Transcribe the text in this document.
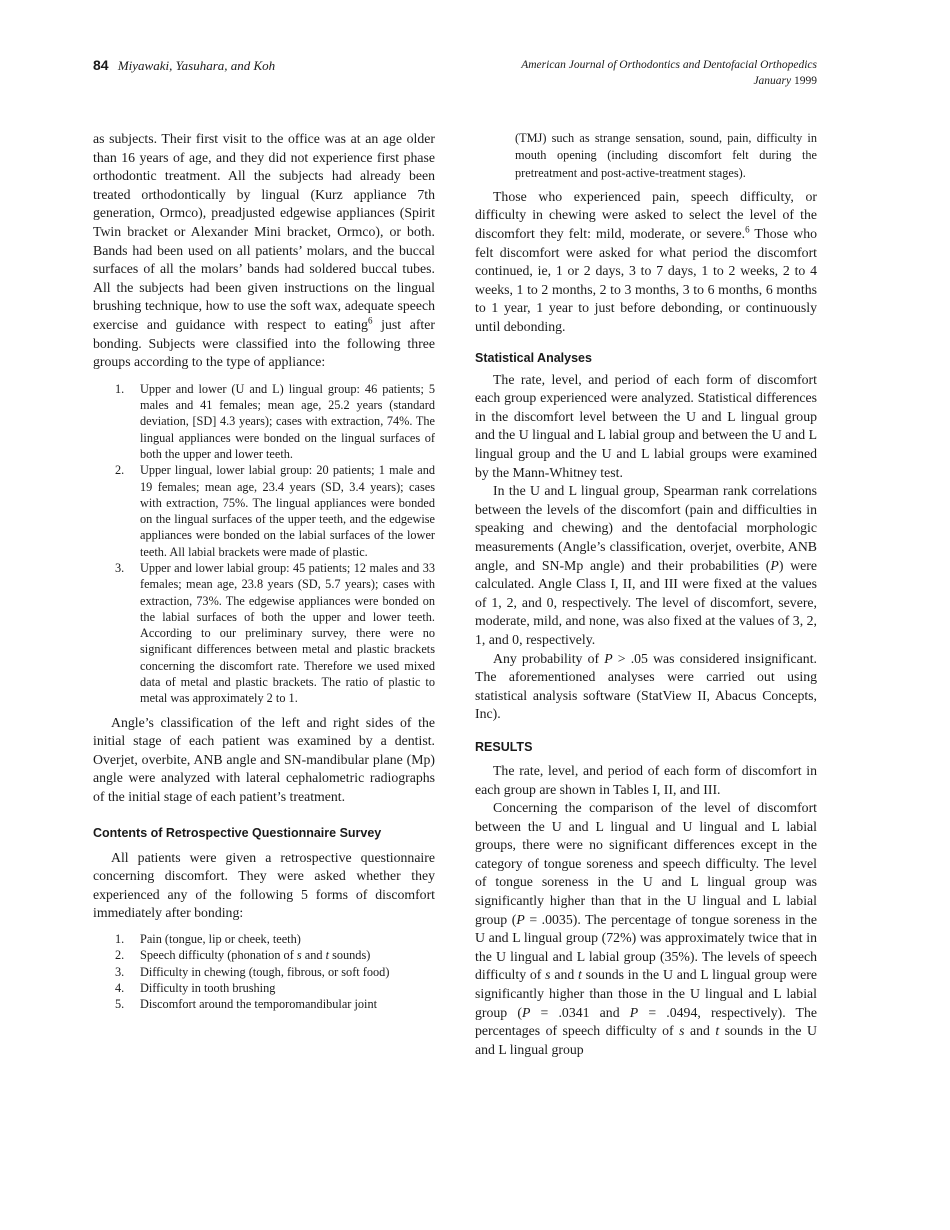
84 Miyawaki, Yasuhara, and Koh	American Journal of Orthodontics and Dentofacial Orthopedics
January 1999

as subjects. Their first visit to the office was at an age older than 16 years of age, and they did not experience first phase orthodontic treatment. All the subjects had already been treated orthodontically by lingual (Kurz appliance 7th generation, Ormco), preadjusted edgewise appliances (Spirit Twin bracket or Alexander Mini bracket, Ormco), or both. Bands had been used on all patients’ molars, and the buccal surfaces of all the molars’ bands had soldered buccal tubes. All the subjects had been given instructions on the lingual brushing technique, how to use the soft wax, adequate speech exercise and guidance with respect to eating$^6$ just after bonding. Subjects were classified into the following three groups according to the type of appliance:

1. Upper and lower (U and L) lingual group: 46 patients; 5 males and 41 females; mean age, 25.2 years (standard deviation, [SD] 4.3 years); cases with extraction, 74%. The lingual appliances were bonded on the lingual surfaces of both the upper and lower teeth.
2. Upper lingual, lower labial group: 20 patients; 1 male and 19 females; mean age, 23.4 years (SD, 3.4 years); cases with extraction, 75%. The lingual appliances were bonded on the lingual surfaces of the upper teeth, and the edgewise appliances were bonded on the labial surfaces of the lower teeth. All labial brackets were made of plastic.
3. Upper and lower labial group: 45 patients; 12 males and 33 females; mean age, 23.8 years (SD, 5.7 years); cases with extraction, 73%. The edgewise appliances were bonded on the labial surfaces of both the upper and lower teeth. According to our preliminary survey, there were no significant differences between metal and plastic brackets concerning the discomfort rate. Therefore we used mixed data of metal and plastic brackets. The ratio of plastic to metal was approximately 2 to 1.

Angle’s classification of the left and right sides of the initial stage of each patient was examined by a dentist. Overjet, overbite, ANB angle and SN-mandibular plane (Mp) angle were analyzed with lateral cephalometric radiographs of the initial stage of each patient’s treatment.

Contents of Retrospective Questionnaire Survey

All patients were given a retrospective questionnaire concerning discomfort. They were asked whether they experienced any of the following 5 forms of discomfort immediately after bonding:

1. Pain (tongue, lip or cheek, teeth)
2. Speech difficulty (phonation of s and t sounds)
3. Difficulty in chewing (tough, fibrous, or soft food)
4. Difficulty in tooth brushing
5. Discomfort around the temporomandibular joint

(TMJ) such as strange sensation, sound, pain, difficulty in mouth opening (including discomfort felt during the pretreatment and post-active-treatment stages).

Those who experienced pain, speech difficulty, or difficulty in chewing were asked to select the level of the discomfort they felt: mild, moderate, or severe.$^6$ Those who felt discomfort were asked for what period the discomfort continued, ie, 1 or 2 days, 3 to 7 days, 1 to 2 weeks, 2 to 4 weeks, 1 to 2 months, 2 to 3 months, 3 to 6 months, 6 months to 1 year, 1 year to just before debonding, or continuously until debonding.

Statistical Analyses

The rate, level, and period of each form of discomfort each group experienced were analyzed. Statistical differences in the discomfort level between the U and L lingual group and the U lingual and L labial group and between the U and L lingual group and the U and L labial groups were examined by the Mann-Whitney test.

In the U and L lingual group, Spearman rank correlations between the levels of the discomfort (pain and difficulties in speaking and chewing) and the dentofacial morphologic measurements (Angle’s classification, overjet, overbite, ANB angle, and SN-Mp angle) and their probabilities (P) were calculated. Angle Class I, II, and III were fixed at the values of 1, 2, and 0, respectively. The level of discomfort, severe, moderate, mild, and none, was also fixed at the values of 3, 2, 1, and 0, respectively.

Any probability of P > .05 was considered insignificant. The aforementioned analyses were carried out using statistical analysis software (StatView II, Abacus Concepts, Inc).

RESULTS

The rate, level, and period of each form of discomfort in each group are shown in Tables I, II, and III.

Concerning the comparison of the level of discomfort between the U and L lingual and U lingual and L labial groups, there were no significant differences except in the category of tongue soreness and speech difficulty. The level of tongue soreness in the U and L lingual group was significantly higher than that in the U lingual and L labial group (P = .0035). The percentage of tongue soreness in the U and L lingual group (72%) was approximately twice that in the U lingual and L labial group (35%). The levels of speech difficulty of s and t sounds in the U and L lingual group were significantly higher than those in the U lingual and L labial group (P = .0341 and P = .0494, respectively). The percentages of speech difficulty of s and t sounds in the U and L lingual group
